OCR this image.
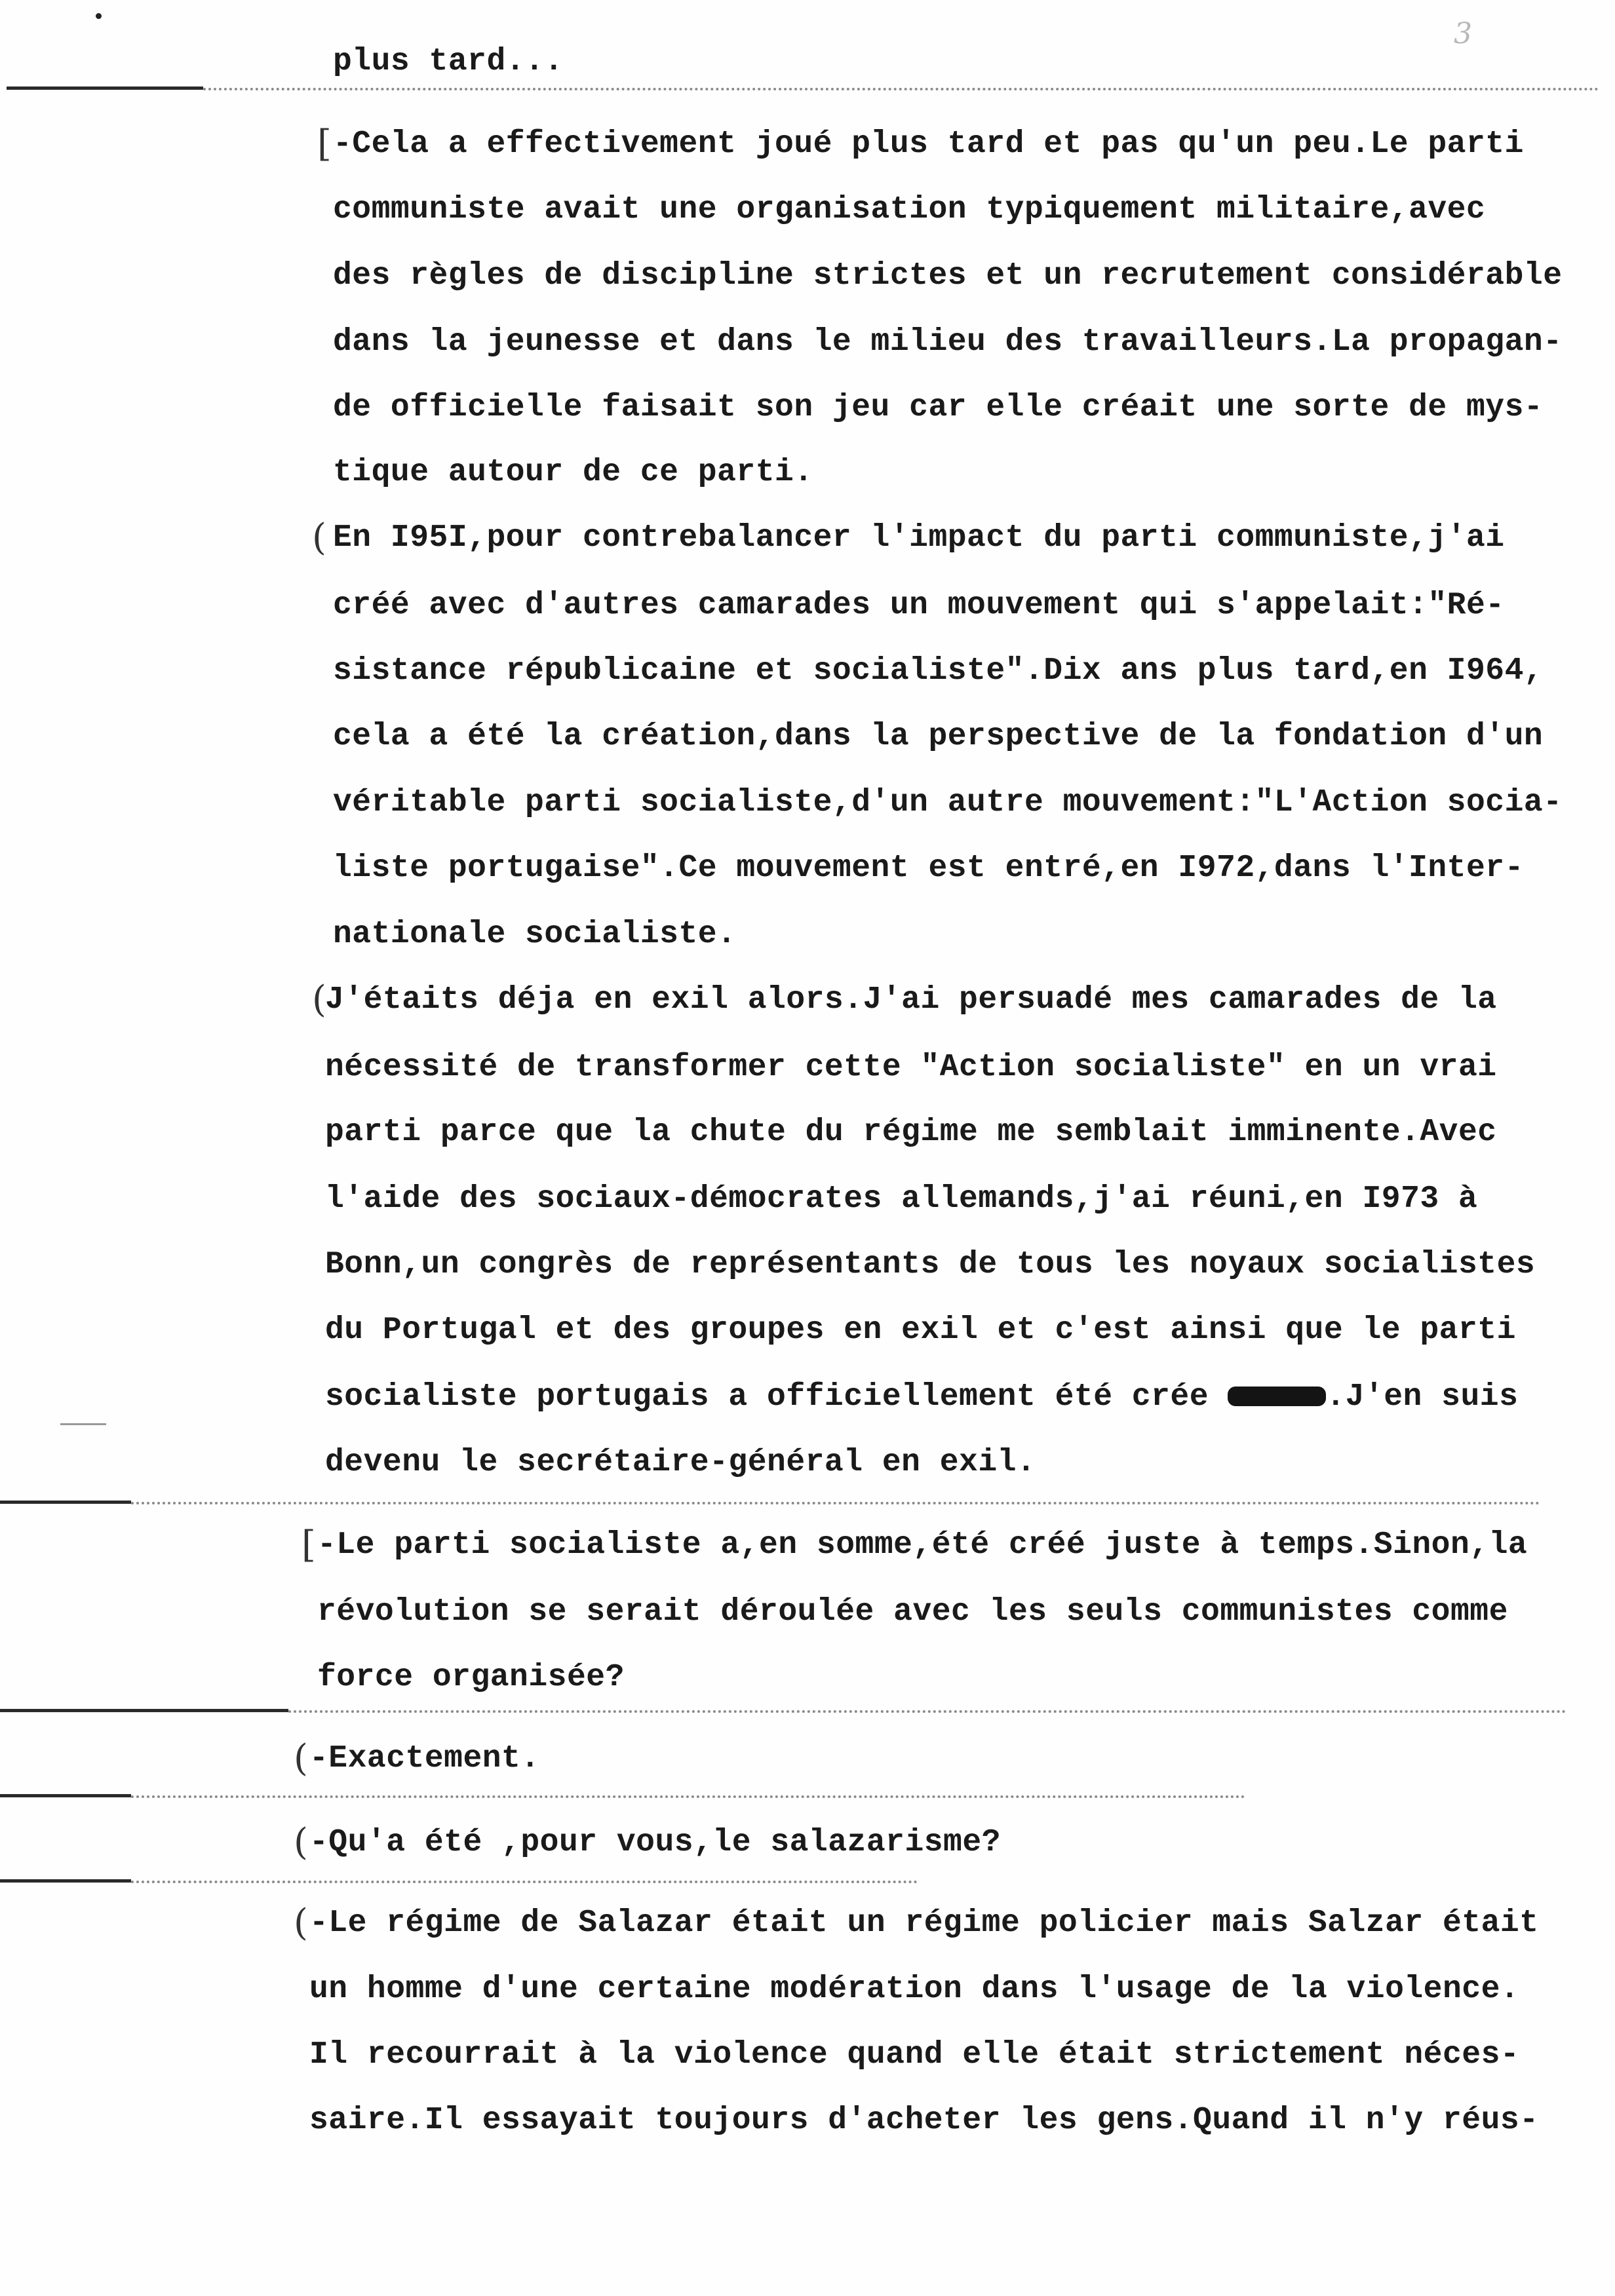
3
[
(
(
[
(
(
(
plus tard...
-Cela a effectivement joué plus tard et pas qu'un peu.Le parti
communiste avait une organisation typiquement militaire,avec
des règles de discipline strictes et un recrutement considérable
dans la jeunesse et dans le milieu des travailleurs.La propagan-
de officielle faisait son jeu car elle créait une sorte de mys-
tique autour de ce parti.
En I95I,pour contrebalancer l'impact du parti communiste,j'ai
créé avec d'autres camarades un mouvement qui s'appelait:"Ré-
sistance républicaine et socialiste".Dix ans plus tard,en I964,
cela a été la création,dans la perspective de la fondation d'un
véritable parti socialiste,d'un autre mouvement:"L'Action socia-
liste portugaise".Ce mouvement est entré,en I972,dans l'Inter-
nationale socialiste.
J'étaits déja en exil alors.J'ai persuadé mes camarades de la
nécessité de transformer cette "Action socialiste" en un vrai
parti parce que la chute du régime me semblait imminente.Avec
l'aide des sociaux-démocrates allemands,j'ai réuni,en I973 à
Bonn,un congrès de représentants de tous les noyaux socialistes
du Portugal et des groupes en exil et c'est ainsi que le parti
socialiste portugais a officiellement été crée	.J'en suis
devenu le secrétaire-général en exil.
-Le parti socialiste a,en somme,été créé juste à temps.Sinon,la
révolution se serait déroulée avec les seuls communistes comme
force organisée?
-Exactement.
-Qu'a été ,pour vous,le salazarisme?
-Le régime de Salazar était un régime policier mais Salzar était
un homme d'une certaine modération dans l'usage de la violence.
Il recourrait à la violence quand elle était strictement néces-
saire.Il essayait toujours d'acheter les gens.Quand il n'y réus-
